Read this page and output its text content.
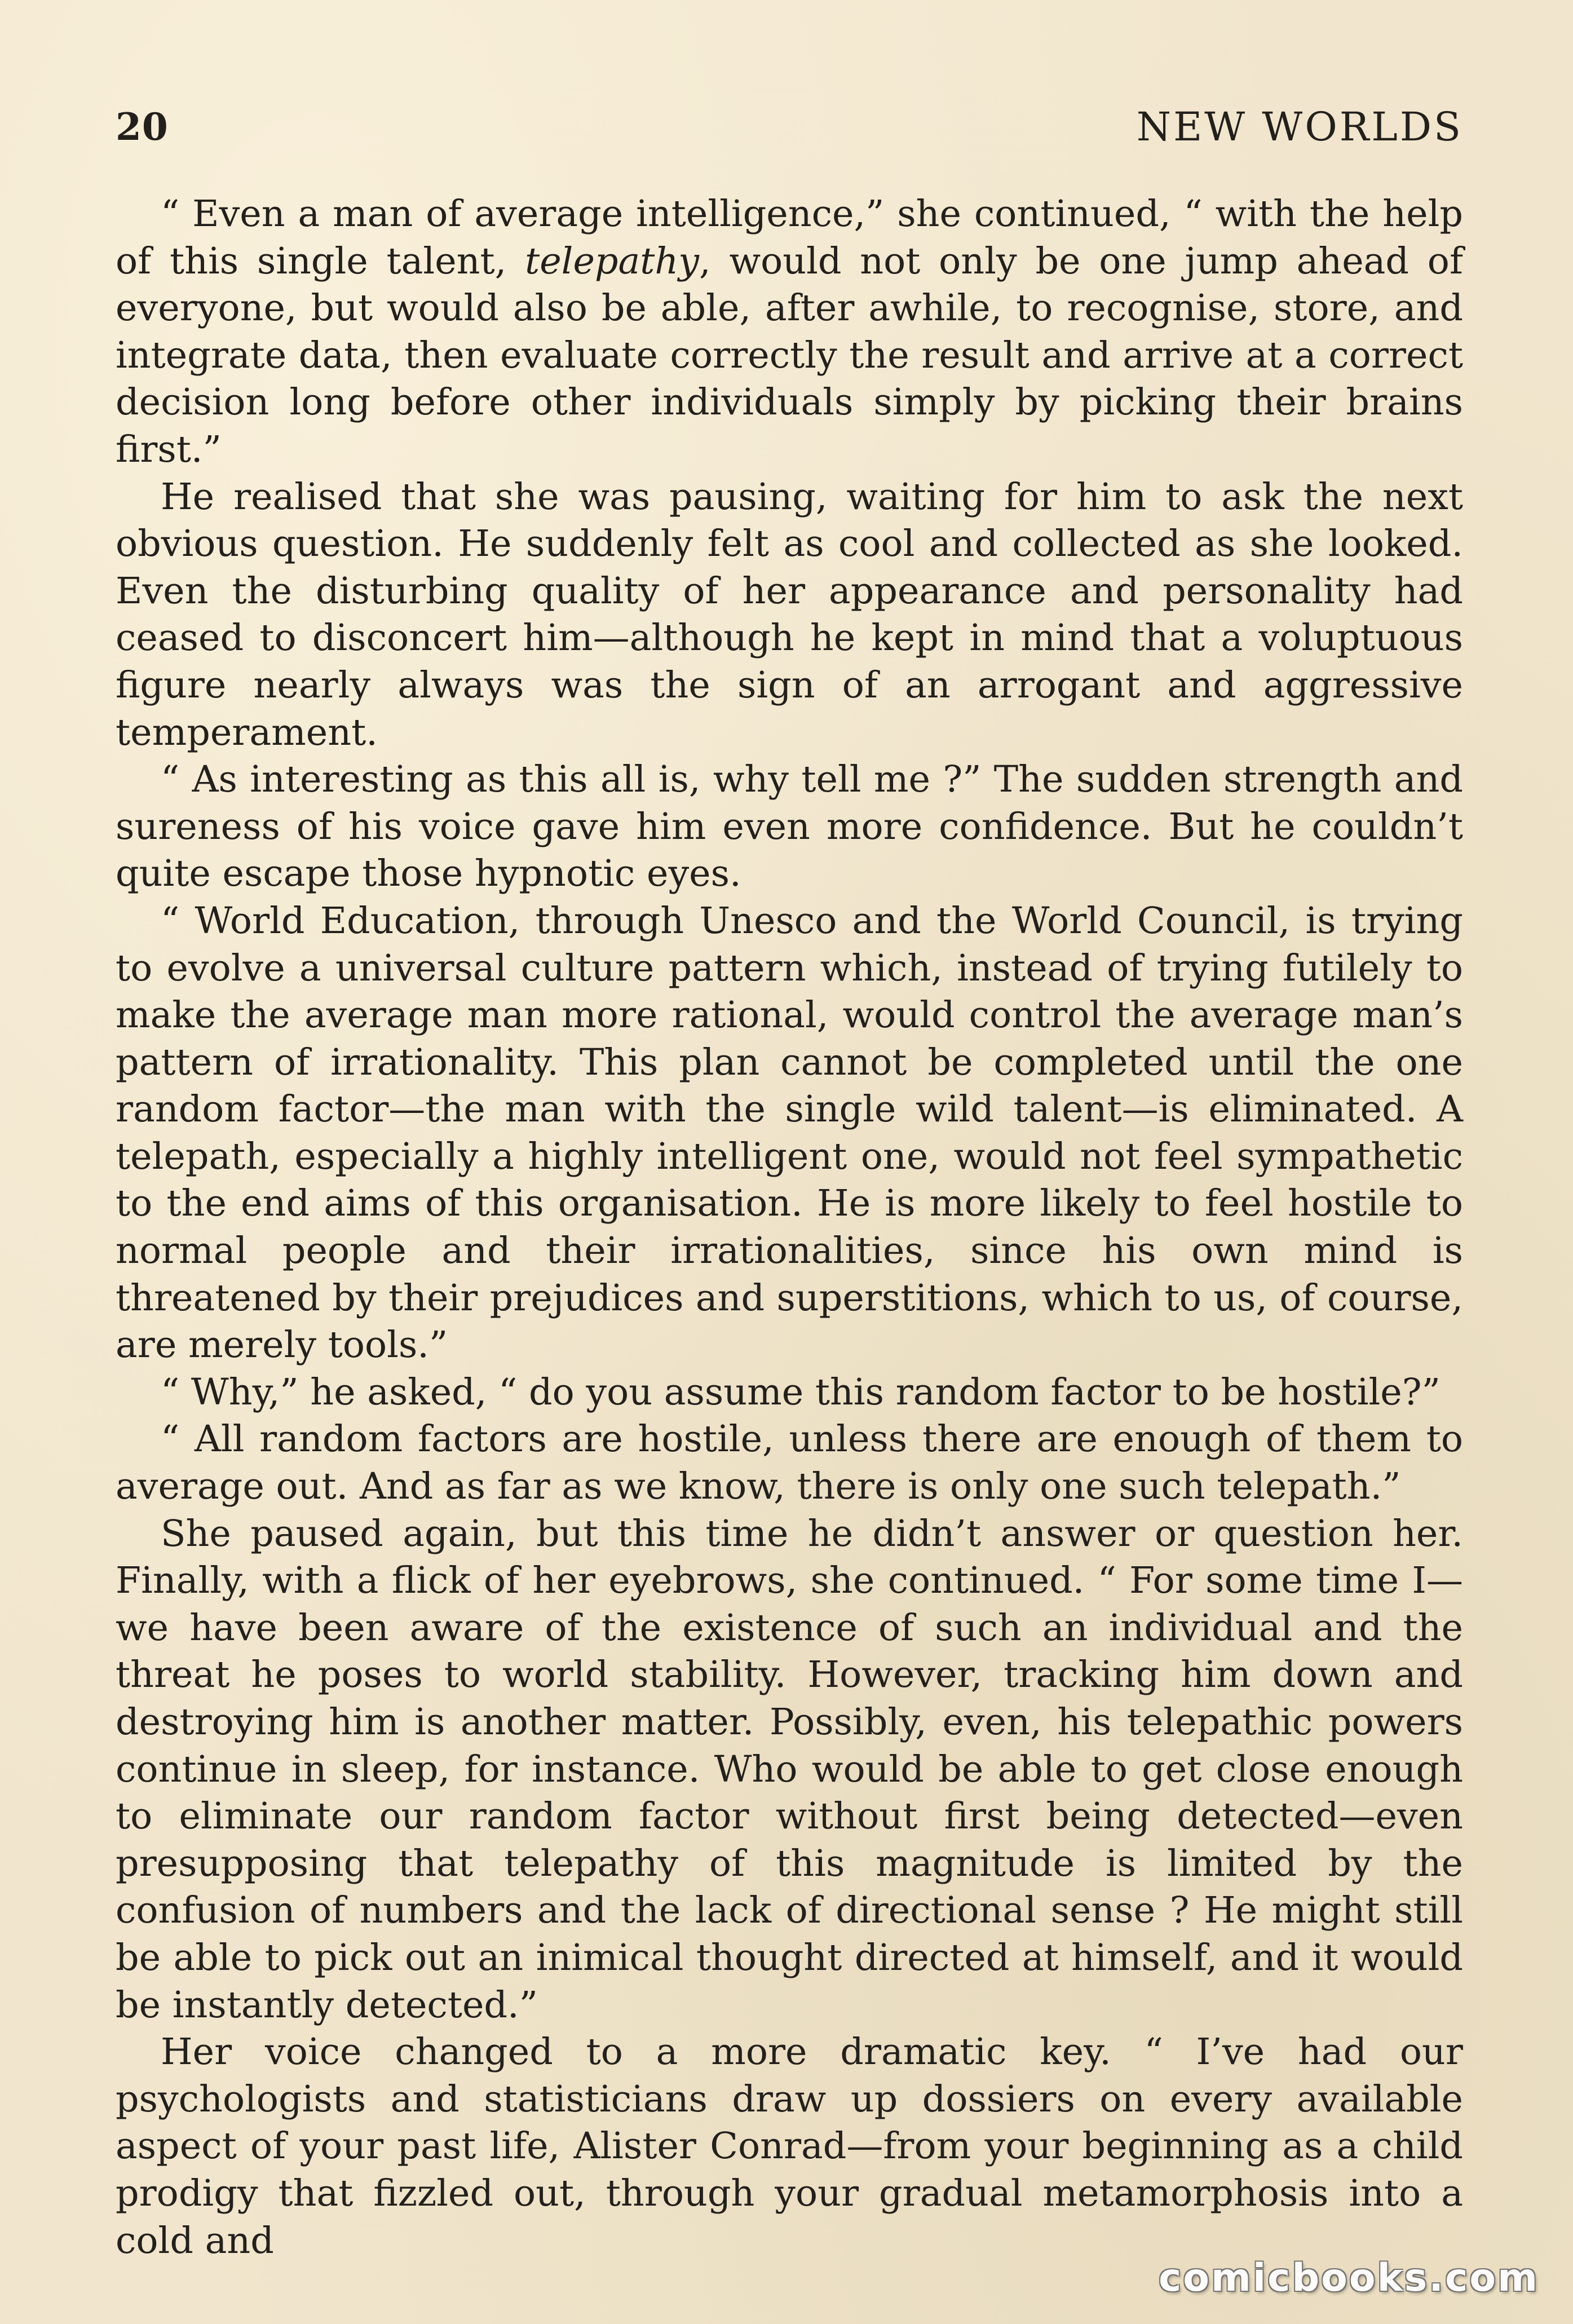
20	NEW WORLDS

“ Even a man of average intelligence,” she continued, “ with the help of this single talent, telepathy, would not only be one jump ahead of everyone, but would also be able, after awhile, to recognise, store, and integrate data, then evaluate correctly the result and arrive at a correct decision long before other individuals simply by picking their brains first.”

He realised that she was pausing, waiting for him to ask the next obvious question. He suddenly felt as cool and collected as she looked. Even the disturbing quality of her appearance and personality had ceased to disconcert him—although he kept in mind that a voluptuous figure nearly always was the sign of an arrogant and aggressive temperament.

“ As interesting as this all is, why tell me ?” The sudden strength and sureness of his voice gave him even more confidence. But he couldn’t quite escape those hypnotic eyes.

“ World Education, through Unesco and the World Council, is trying to evolve a universal culture pattern which, instead of trying futilely to make the average man more rational, would control the average man’s pattern of irrationality. This plan cannot be completed until the one random factor—the man with the single wild talent—is eliminated. A telepath, especially a highly intelligent one, would not feel sympathetic to the end aims of this organisation. He is more likely to feel hostile to normal people and their irrationalities, since his own mind is threatened by their prejudices and superstitions, which to us, of course, are merely tools.”

“ Why,” he asked, “ do you assume this random factor to be hostile?”

“ All random factors are hostile, unless there are enough of them to average out. And as far as we know, there is only one such telepath.”

She paused again, but this time he didn’t answer or question her. Finally, with a flick of her eyebrows, she continued. “ For some time I—we have been aware of the existence of such an individual and the threat he poses to world stability. However, tracking him down and destroying him is another matter. Possibly, even, his telepathic powers continue in sleep, for instance. Who would be able to get close enough to eliminate our random factor without first being detected—even presupposing that telepathy of this magnitude is limited by the confusion of numbers and the lack of directional sense ? He might still be able to pick out an inimical thought directed at himself, and it would be instantly detected.”

Her voice changed to a more dramatic key. “ I’ve had our psychologists and statisticians draw up dossiers on every available aspect of your past life, Alister Conrad—from your beginning as a child prodigy that fizzled out, through your gradual metamorphosis into a cold and

comicbooks.com
